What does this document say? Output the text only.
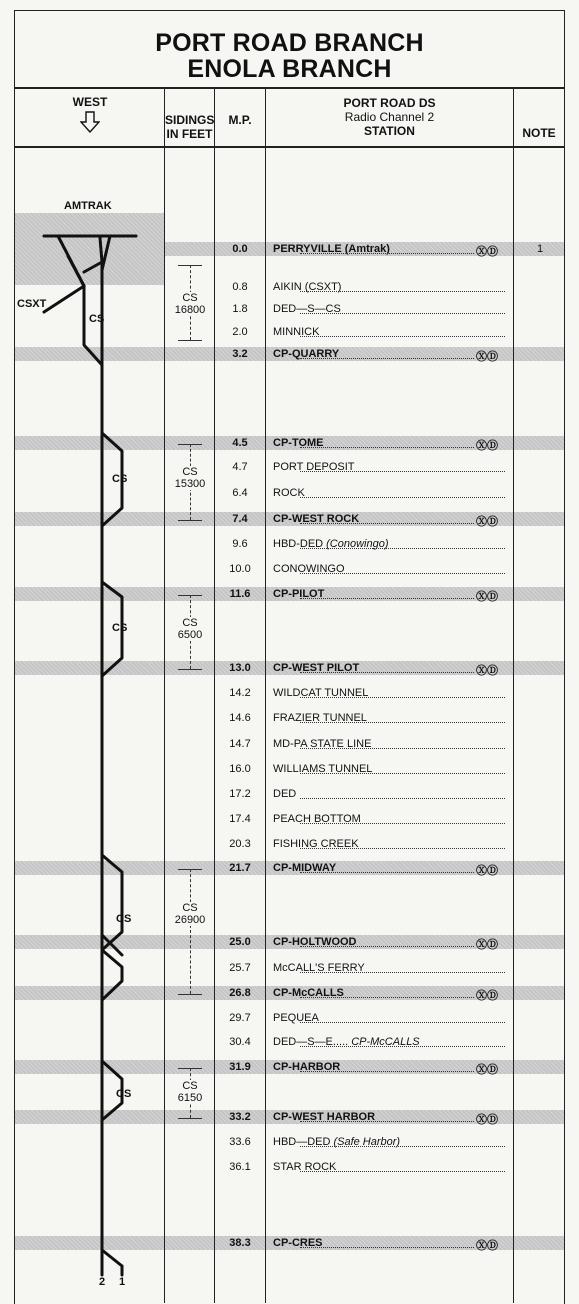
PORT ROAD BRANCH
ENOLA BRANCH
WEST
SIDINGS
IN FEET
M.P.
PORT ROAD DS
Radio Channel 2
STATION	NOTE
0.0	PERRYVILLE (Amtrak)	ⓍⒹ	1
0.8	AIKIN (CSXT)
1.8	DED—S—CS
2.0	MINNICK
3.2	CP-QUARRY	ⓍⒹ
4.5	CP-TOME	ⓍⒹ
4.7	PORT DEPOSIT
6.4	ROCK
7.4	CP-WEST ROCK	ⓍⒹ
9.6	HBD-DED (Conowingo)
10.0	CONOWINGO
11.6	CP-PILOT	ⓍⒹ
13.0	CP-WEST PILOT	ⓍⒹ
14.2	WILDCAT TUNNEL
14.6	FRAZIER TUNNEL
14.7	MD-PA STATE LINE
16.0	WILLIAMS TUNNEL
17.2	DED
17.4	PEACH BOTTOM
20.3	FISHING CREEK
21.7	CP-MIDWAY	ⓍⒹ
25.0	CP-HOLTWOOD	ⓍⒹ
25.7	McCALL'S FERRY
26.8	CP-McCALLS	ⓍⒹ
29.7	PEQUEA
30.4	DED—S—E..... CP-McCALLS
31.9	CP-HARBOR	ⓍⒹ
33.2	CP-WEST HARBOR	ⓍⒹ
33.6	HBD—DED (Safe Harbor)
36.1	STAR ROCK
38.3	CP-CRES	ⓍⒹ
CS
16800
CS
15300
CS
6500
CS
26900
CS
6150
AMTRAK
CSXT
2 1
CS
CS
CS
CS
CS
